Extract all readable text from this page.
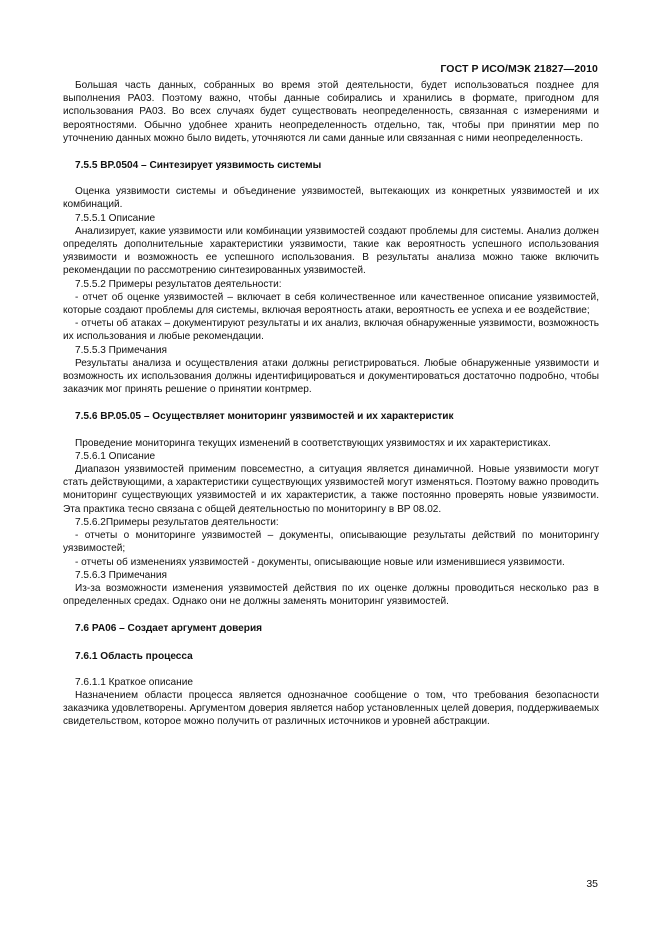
ГОСТ Р ИСО/МЭК 21827—2010

Большая часть данных, собранных во время этой деятельности, будет использоваться позднее для выполнения PA03. Поэтому важно, чтобы данные собирались и хранились в формате, пригодном для использования PA03. Во всех случаях будет существовать неопределенность, связанная с измерениями и вероятностями. Обычно удобнее хранить неопределенность отдельно, так, чтобы при принятии мер по уточнению данных можно было видеть, уточняются ли сами данные или связанная с ними неопределенность.

7.5.5 BP.0504 – Синтезирует уязвимость системы

Оценка уязвимости системы и объединение уязвимостей, вытекающих из конкретных уязвимостей и их комбинаций.

7.5.5.1 Описание

Анализирует, какие уязвимости или комбинации уязвимостей создают проблемы для системы. Анализ должен определять дополнительные характеристики уязвимости, такие как вероятность успешного использования уязвимости и возможность ее успешного использования. В результаты анализа можно также включить рекомендации по рассмотрению синтезированных уязвимостей.

7.5.5.2 Примеры результатов деятельности:

- отчет об оценке уязвимостей – включает в себя количественное или качественное описание уязвимостей, которые создают проблемы для системы, включая вероятность атаки, вероятность ее успеха и ее воздействие;

- отчеты об атаках – документируют результаты и их анализ, включая обнаруженные уязвимости, возможность их использования и любые рекомендации.

7.5.5.3 Примечания

Результаты анализа и осуществления атаки должны регистрироваться. Любые обнаруженные уязвимости и возможность их использования должны идентифицироваться и документироваться достаточно подробно, чтобы заказчик мог принять решение о принятии контрмер.

7.5.6 BP.05.05 – Осуществляет мониторинг уязвимостей и их характеристик

Проведение мониторинга текущих изменений в соответствующих уязвимостях и их характеристиках.

7.5.6.1 Описание

Диапазон уязвимостей применим повсеместно, а ситуация является динамичной. Новые уязвимости могут стать действующими, а характеристики существующих уязвимостей могут изменяться. Поэтому важно проводить мониторинг существующих уязвимостей и их характеристик, а также постоянно проверять новые уязвимости. Эта практика тесно связана с общей деятельностью по мониторингу в BP 08.02.

7.5.6.2Примеры результатов деятельности:

- отчеты о мониторинге уязвимостей – документы, описывающие результаты действий по мониторингу уязвимостей;

- отчеты об изменениях уязвимостей - документы, описывающие новые или изменившиеся уязвимости.

7.5.6.3 Примечания

Из-за возможности изменения уязвимостей действия по их оценке должны проводиться несколько раз в определенных средах. Однако они не должны заменять мониторинг уязвимостей.

7.6 PA06 – Создает аргумент доверия

7.6.1 Область процесса

7.6.1.1 Краткое описание

Назначением области процесса является однозначное сообщение о том, что требования безопасности заказчика удовлетворены. Аргументом доверия является набор установленных целей доверия, поддерживаемых свидетельством, которое можно получить от различных источников и уровней абстракции.

35
